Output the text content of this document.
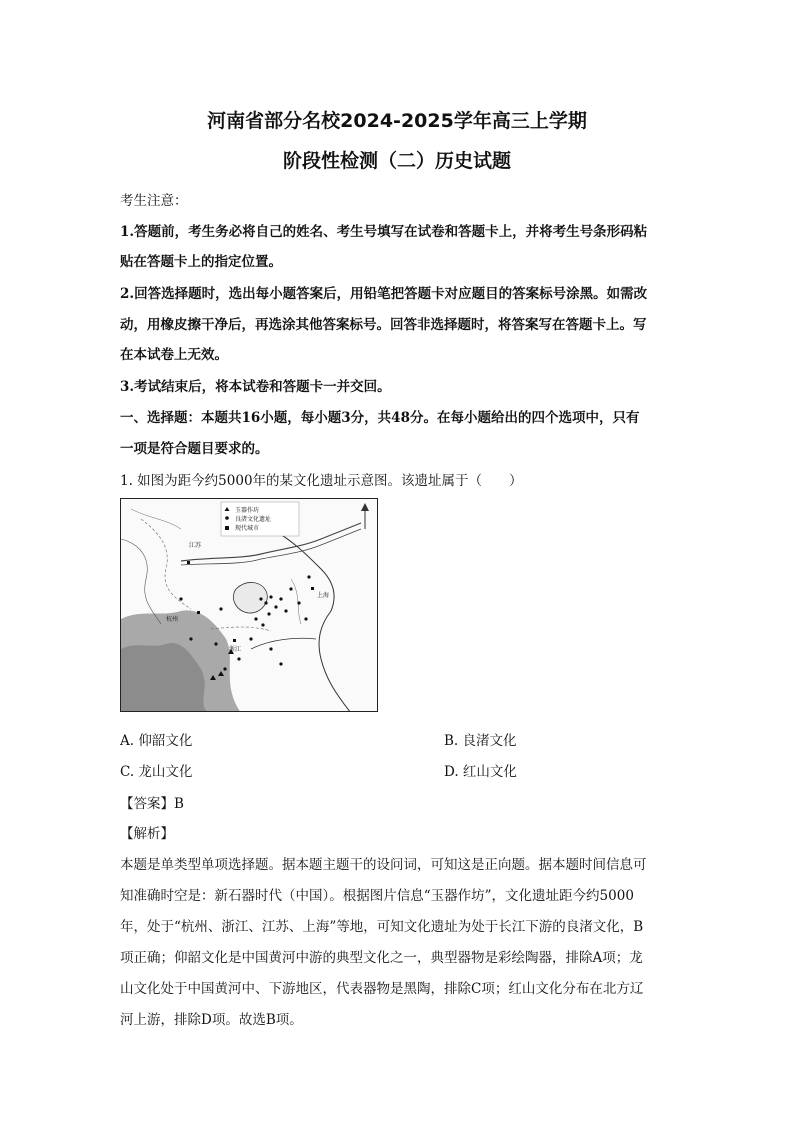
河南省部分名校2024-2025学年高三上学期
阶段性检测（二）历史试题
考生注意：
1.答题前，考生务必将自己的姓名、考生号填写在试卷和答题卡上，并将考生号条形码粘
贴在答题卡上的指定位置。
2.回答选择题时，选出每小题答案后，用铅笔把答题卡对应题目的答案标号涂黑。如需改
动，用橡皮擦干净后，再选涂其他答案标号。回答非选择题时，将答案写在答题卡上。写
在本试卷上无效。
3.考试结束后，将本试卷和答题卡一并交回。
一、选择题：本题共16小题，每小题3分，共48分。在每小题给出的四个选项中，只有
一项是符合题目要求的。
1. 如图为距今约5000年的某文化遗址示意图。该遗址属于（　　）
玉器作坊
良渚文化遗址
现代城市
江苏
杭州
浙江
上海
A. 仰韶文化	B. 良渚文化
C. 龙山文化	D. 红山文化
【答案】B
【解析】
本题是单类型单项选择题。据本题主题干的设问词，可知这是正向题。据本题时间信息可
知准确时空是：新石器时代（中国）。根据图片信息“玉器作坊”，文化遗址距今约5000
年，处于“杭州、浙江、江苏、上海”等地，可知文化遗址为处于长江下游的良渚文化，B
项正确；仰韶文化是中国黄河中游的典型文化之一，典型器物是彩绘陶器，排除A项；龙
山文化处于中国黄河中、下游地区，代表器物是黑陶，排除C项；红山文化分布在北方辽
河上游，排除D项。故选B项。
